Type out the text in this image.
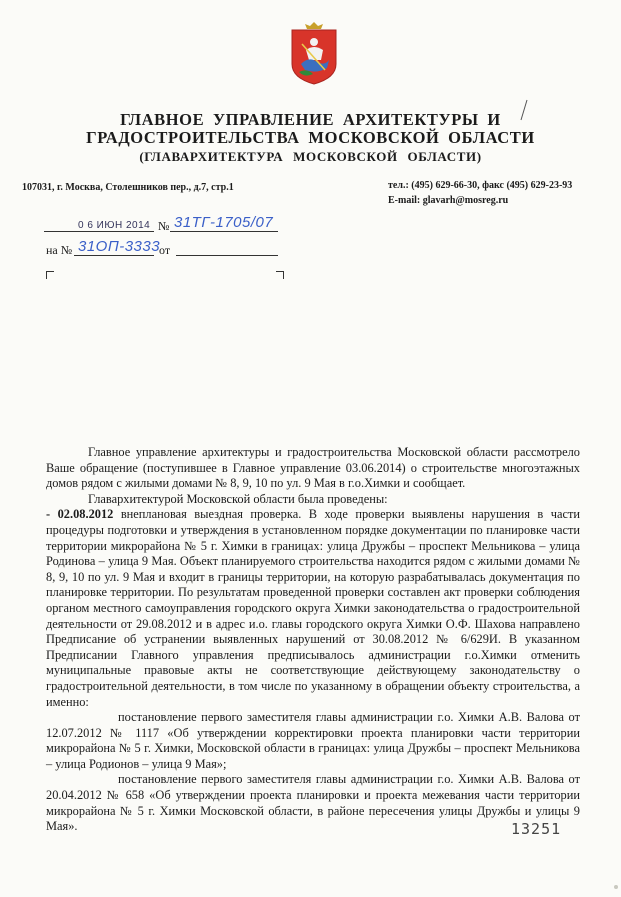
ГЛАВНОЕ УПРАВЛЕНИЕ АРХИТЕКТУРЫ И
ГРАДОСТРОИТЕЛЬСТВА МОСКОВСКОЙ ОБЛАСТИ
(ГЛАВАРХИТЕКТУРА МОСКОВСКОЙ ОБЛАСТИ)
107031, г. Москва, Столешников пер., д.7, стр.1	тел.: (495) 629-66-30, факс (495) 629-23-93
E-mail: glavarh@mosreg.ru
0 6 ИЮН 2014 № 31ТГ-1705/07
на № 31ОП-3333
от

Главное управление архитектуры и градостроительства Московской области рассмотрело Ваше обращение (поступившее в Главное управление 03.06.2014) о строительстве многоэтажных домов рядом с жилыми домами № 8, 9, 10 по ул. 9 Мая в г.о.Химки и сообщает.

Главархитектурой Московской области была проведены:

- 02.08.2012 внеплановая выездная проверка. В ходе проверки выявлены нарушения в части процедуры подготовки и утверждения в установленном порядке документации по планировке части территории микрорайона № 5 г. Химки в границах: улица Дружбы – проспект Мельникова – улица Родинова – улица 9 Мая. Объект планируемого строительства находится рядом с жилыми домами № 8, 9, 10 по ул. 9 Мая и входит в границы территории, на которую разрабатывалась документация по планировке территории. По результатам проведенной проверки составлен акт проверки соблюдения органом местного самоуправления городского округа Химки законодательства о градостроительной деятельности от 29.08.2012 и в адрес и.о. главы городского округа Химки О.Ф. Шахова направлено Предписание об устранении выявленных нарушений от 30.08.2012 № 6/629И. В указанном Предписании Главного управления предписывалось администрации г.о.Химки отменить муниципальные правовые акты не соответствующие действующему законодательству о градостроительной деятельности, в том числе по указанному в обращении объекту строительства, а именно:

постановление первого заместителя главы администрации г.о. Химки А.В. Валова от 12.07.2012 № 1117 «Об утверждении корректировки проекта планировки части территории микрорайона № 5 г. Химки, Московской области в границах: улица Дружбы – проспект Мельникова – улица Родионов – улица 9 Мая»;

постановление первого заместителя главы администрации г.о. Химки А.В. Валова от 20.04.2012 № 658 «Об утверждении проекта планировки и проекта межевания части территории микрорайона № 5 г. Химки Московской области, в районе пересечения улицы Дружбы и улицы 9 Мая».	13251
